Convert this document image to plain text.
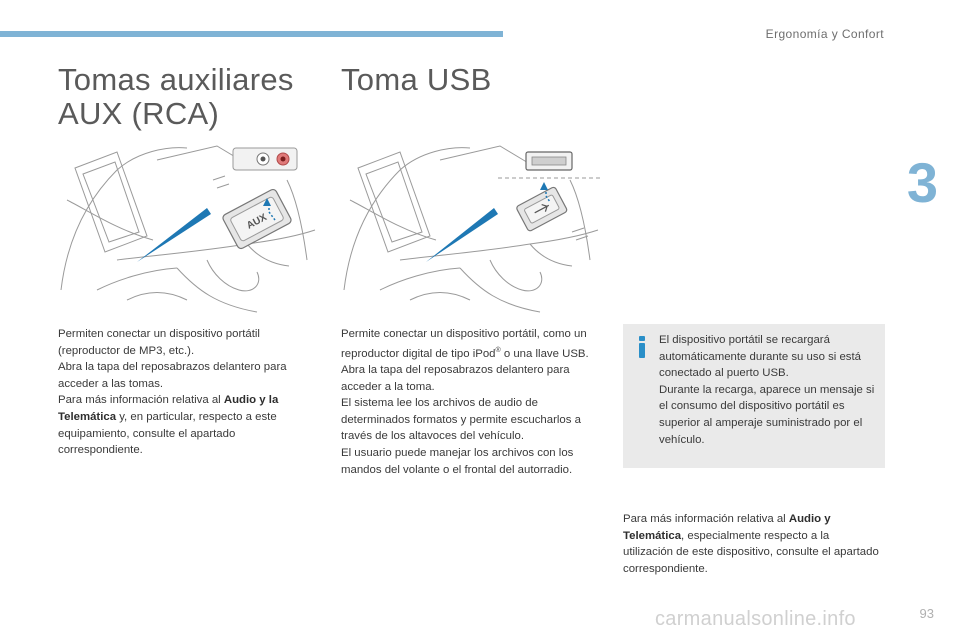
Ergonomía y Confort
3
Tomas auxiliares
AUX (RCA)
Toma USB
AUX

Permiten conectar un dispositivo portátil (reproductor de MP3, etc.).

Abra la tapa del reposabrazos delantero para acceder a las tomas.

Para más información relativa al Audio y la Telemática y, en particular, respecto a este equipamiento, consulte el apartado correspondiente.

Permite conectar un dispositivo portátil, como un reproductor digital de tipo iPod® o una llave USB.

Abra la tapa del reposabrazos delantero para acceder a la toma.

El sistema lee los archivos de audio de determinados formatos y permite escucharlos a través de los altavoces del vehículo.

El usuario puede manejar los archivos con los mandos del volante o el frontal del autorradio.

El dispositivo portátil se recargará automáticamente durante su uso si está conectado al puerto USB.

Durante la recarga, aparece un mensaje si el consumo del dispositivo portátil es superior al amperaje suministrado por el vehículo.

Para más información relativa al Audio y Telemática, especialmente respecto a la utilización de este dispositivo, consulte el apartado correspondiente.

carmanualsonline.info	93
